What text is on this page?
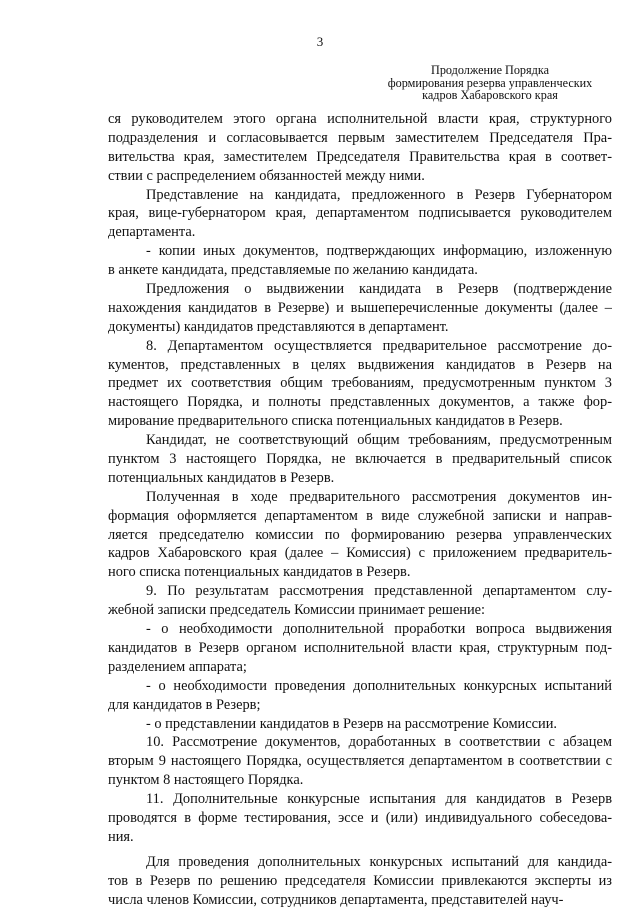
3
Продолжение Порядка
формирования резерва управленческих
кадров Хабаровского края
ся руководителем этого органа исполнительной власти края, структурного
подразделения и согласовывается первым заместителем Председателя Пра-
вительства края, заместителем Председателя Правительства края в соответ-
ствии с распределением обязанностей между ними.
Представление на кандидата, предложенного в Резерв Губернатором
края, вице-губернатором края, департаментом подписывается руководителем
департамента.
- копии иных документов, подтверждающих информацию, изложенную
в анкете кандидата, представляемые по желанию кандидата.
Предложения о выдвижении кандидата в Резерв (подтверждение
нахождения кандидатов в Резерве) и вышеперечисленные документы (далее –
документы) кандидатов представляются в департамент.
8. Департаментом осуществляется предварительное рассмотрение до-
кументов, представленных в целях выдвижения кандидатов в Резерв на
предмет их соответствия общим требованиям, предусмотренным пунктом 3
настоящего Порядка, и полноты представленных документов, а также фор-
мирование предварительного списка потенциальных кандидатов в Резерв.
Кандидат, не соответствующий общим требованиям, предусмотренным
пунктом 3 настоящего Порядка, не включается в предварительный список
потенциальных кандидатов в Резерв.
Полученная в ходе предварительного рассмотрения документов ин-
формация оформляется департаментом в виде служебной записки и направ-
ляется председателю комиссии по формированию резерва управленческих
кадров Хабаровского края (далее – Комиссия) с приложением предваритель-
ного списка потенциальных кандидатов в Резерв.
9. По результатам рассмотрения представленной департаментом слу-
жебной записки председатель Комиссии принимает решение:
- о необходимости дополнительной проработки вопроса выдвижения
кандидатов в Резерв органом исполнительной власти края, структурным под-
разделением аппарата;
- о необходимости проведения дополнительных конкурсных испытаний
для кандидатов в Резерв;
- о представлении кандидатов в Резерв на рассмотрение Комиссии.
10. Рассмотрение документов, доработанных в соответствии с абзацем
вторым 9 настоящего Порядка, осуществляется департаментом в соответствии с
пунктом 8 настоящего Порядка.
11. Дополнительные конкурсные испытания для кандидатов в Резерв
проводятся в форме тестирования, эссе и (или) индивидуального собеседова-
ния.
Для проведения дополнительных конкурсных испытаний для кандида-
тов в Резерв по решению председателя Комиссии привлекаются эксперты из
числа членов Комиссии, сотрудников департамента, представителей науч-
